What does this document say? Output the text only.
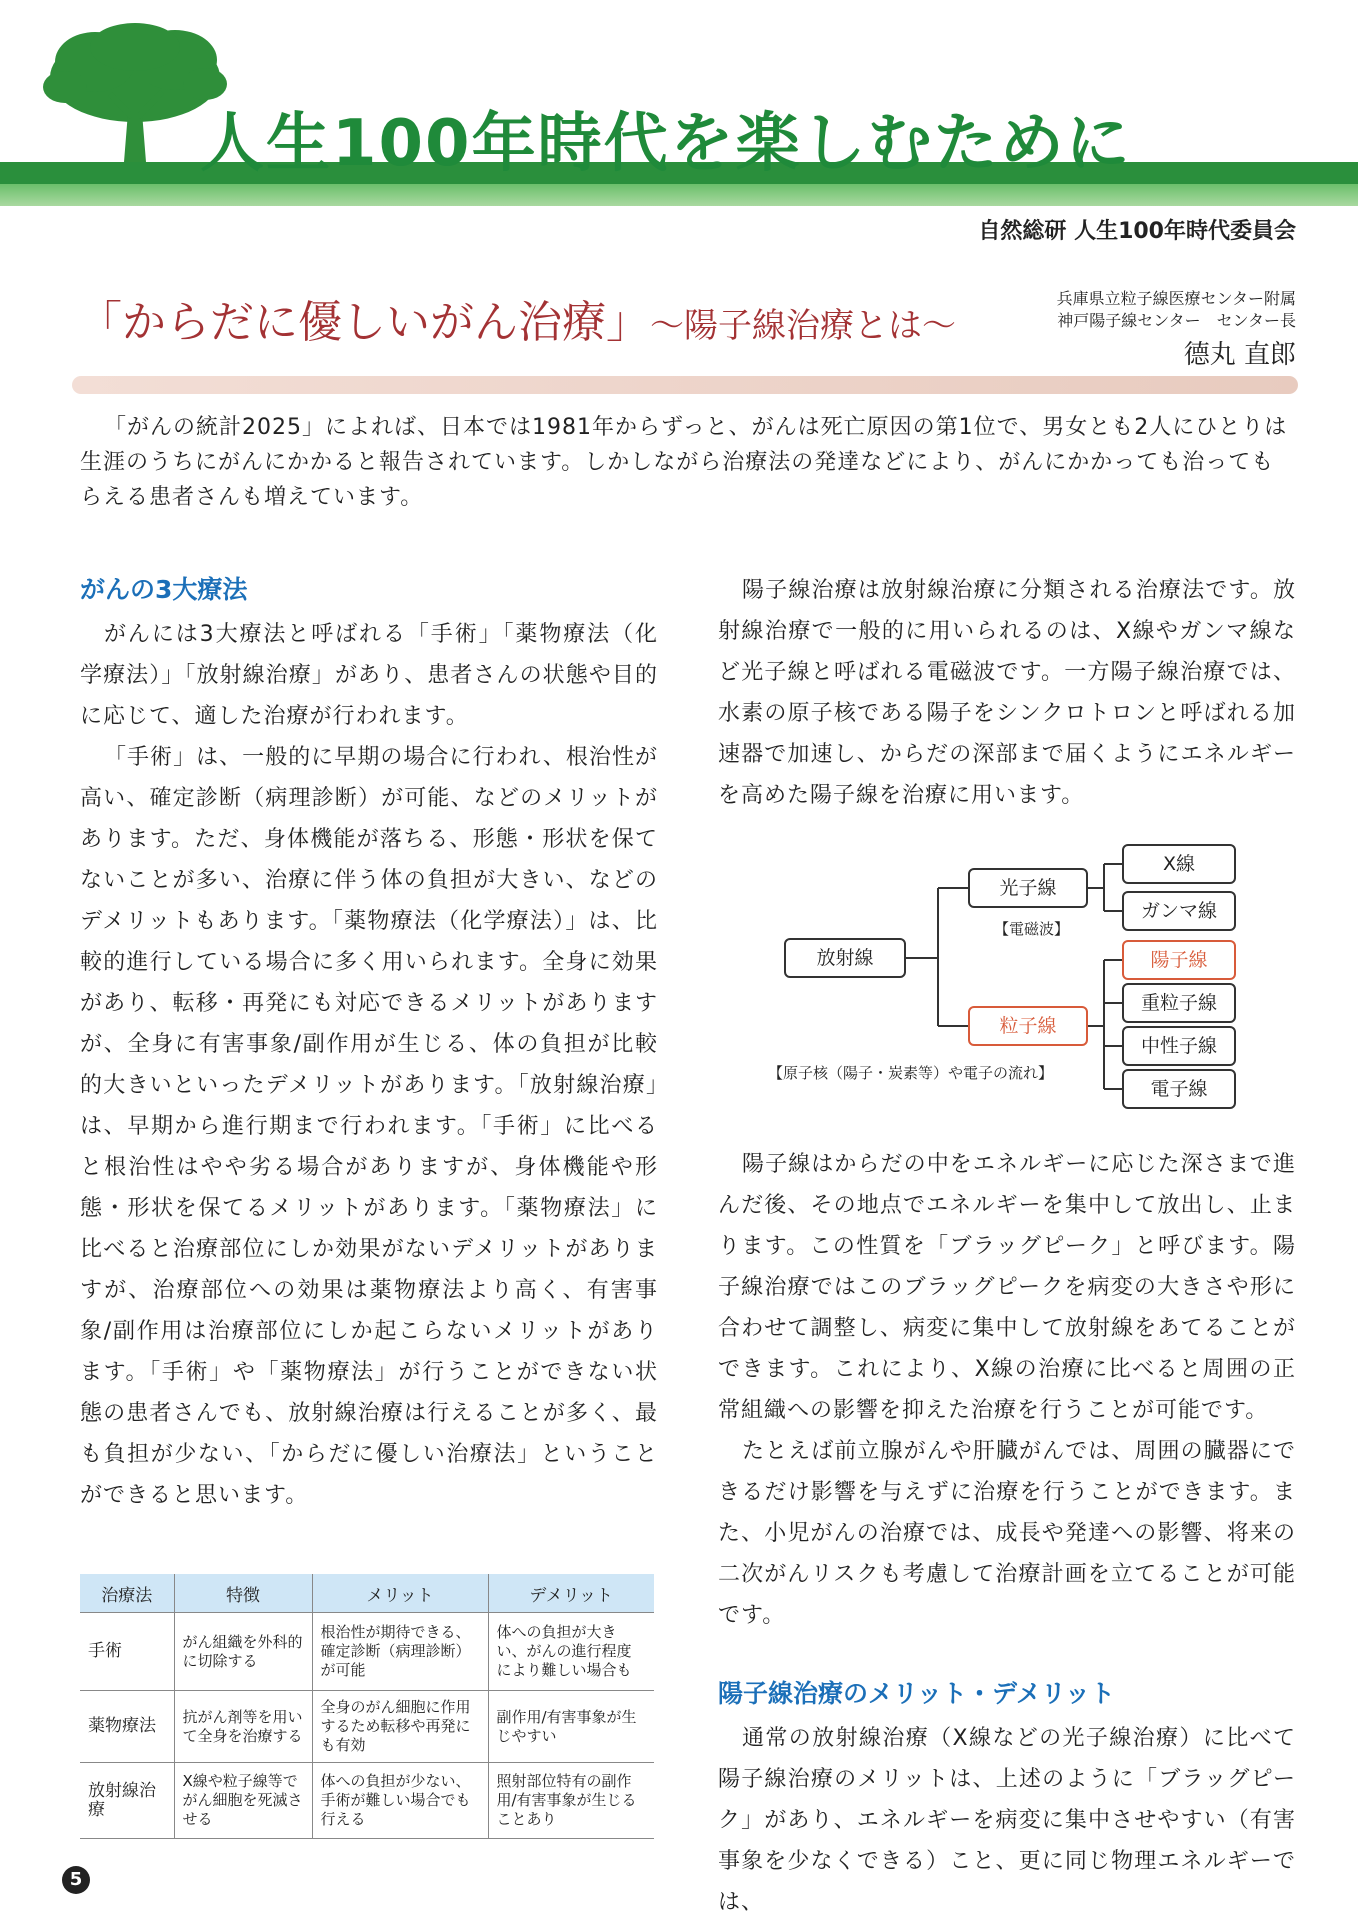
人生100年時代を楽しむために
自然総研 人生100年時代委員会
「からだに優しいがん治療」〜陽子線治療とは〜
兵庫県立粒子線医療センター附属
神戸陽子線センター　センター長
德丸 直郎

「がんの統計2025」によれば、日本では1981年からずっと、がんは死亡原因の第1位で、男女とも2人にひとりは生涯のうちにがんにかかると報告されています。しかしながら治療法の発達などにより、がんにかかっても治ってもらえる患者さんも増えています。

がんの3大療法

がんには3大療法と呼ばれる「手術」「薬物療法（化学療法）」「放射線治療」があり、患者さんの状態や目的に応じて、適した治療が行われます。

「手術」は、一般的に早期の場合に行われ、根治性が高い、確定診断（病理診断）が可能、などのメリットがあります。ただ、身体機能が落ちる、形態・形状を保てないことが多い、治療に伴う体の負担が大きい、などのデメリットもあります。「薬物療法（化学療法）」は、比較的進行している場合に多く用いられます。全身に効果があり、転移・再発にも対応できるメリットがありますが、全身に有害事象/副作用が生じる、体の負担が比較的大きいといったデメリットがあります。「放射線治療」は、早期から進行期まで行われます。「手術」に比べると根治性はやや劣る場合がありますが、身体機能や形態・形状を保てるメリットがあります。「薬物療法」に比べると治療部位にしか効果がないデメリットがありますが、治療部位への効果は薬物療法より高く、有害事象/副作用は治療部位にしか起こらないメリットがあります。「手術」や「薬物療法」が行うことができない状態の患者さんでも、放射線治療は行えることが多く、最も負担が少ない、「からだに優しい治療法」ということができると思います。

治療法	特徴	メリット	デメリット
手術	がん組織を外科的に切除する	根治性が期待できる、確定診断（病理診断）が可能	体への負担が大きい、がんの進行程度により難しい場合も
薬物療法	抗がん剤等を用いて全身を治療する	全身のがん細胞に作用するため転移や再発にも有効	副作用/有害事象が生じやすい
放射線治療	X線や粒子線等でがん細胞を死滅させる	体への負担が少ない、手術が難しい場合でも行える	照射部位特有の副作用/有害事象が生じることあり

陽子線治療は放射線治療に分類される治療法です。放射線治療で一般的に用いられるのは、X線やガンマ線など光子線と呼ばれる電磁波です。一方陽子線治療では、水素の原子核である陽子をシンクロトロンと呼ばれる加速器で加速し、からだの深部まで届くようにエネルギーを高めた陽子線を治療に用います。

放射線
光子線
【電磁波】
粒子線
【原子核（陽子・炭素等）や電子の流れ】
X線
ガンマ線
陽子線
重粒子線
中性子線
電子線

陽子線はからだの中をエネルギーに応じた深さまで進んだ後、その地点でエネルギーを集中して放出し、止まります。この性質を「ブラッグピーク」と呼びます。陽子線治療ではこのブラッグピークを病変の大きさや形に合わせて調整し、病変に集中して放射線をあてることができます。これにより、X線の治療に比べると周囲の正常組織への影響を抑えた治療を行うことが可能です。

たとえば前立腺がんや肝臓がんでは、周囲の臓器にできるだけ影響を与えずに治療を行うことができます。また、小児がんの治療では、成長や発達への影響、将来の二次がんリスクも考慮して治療計画を立てることが可能です。

陽子線治療のメリット・デメリット

通常の放射線治療（X線などの光子線治療）に比べて陽子線治療のメリットは、上述のように「ブラッグピーク」があり、エネルギーを病変に集中させやすい（有害事象を少なくできる）こと、更に同じ物理エネルギーでは、

5
